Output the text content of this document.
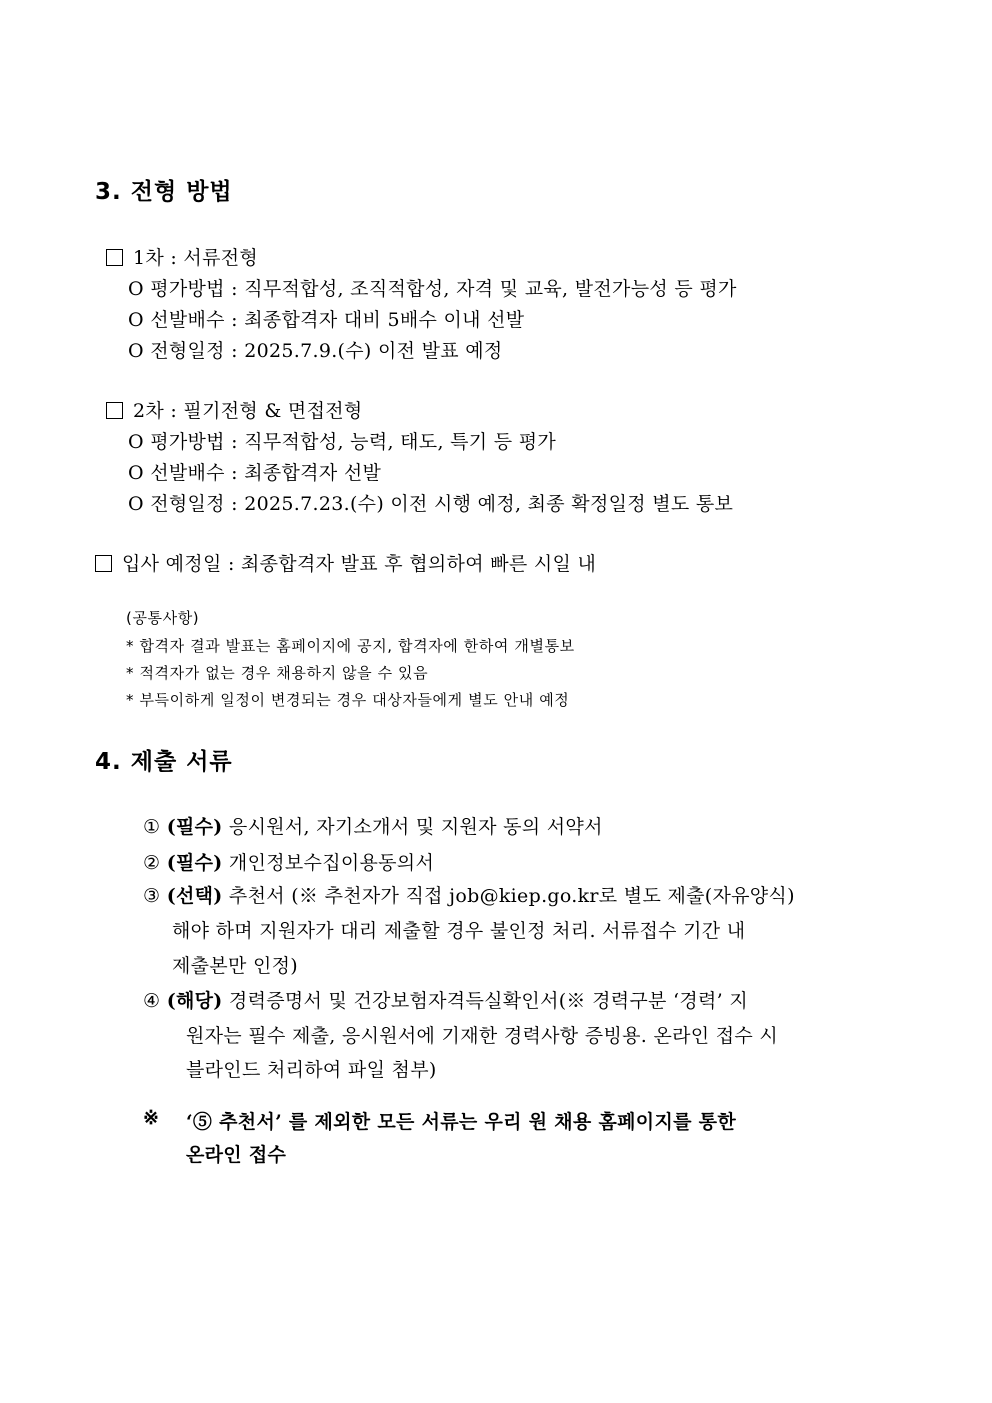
3. 전형 방법
1차 : 서류전형
O 평가방법 : 직무적합성, 조직적합성, 자격 및 교육, 발전가능성 등 평가
O 선발배수 : 최종합격자 대비 5배수 이내 선발
O 전형일정 : 2025.7.9.(수) 이전 발표 예정
2차 : 필기전형 & 면접전형
O 평가방법 : 직무적합성, 능력, 태도, 특기 등 평가
O 선발배수 : 최종합격자 선발
O 전형일정 : 2025.7.23.(수) 이전 시행 예정, 최종 확정일정 별도 통보
입사 예정일 : 최종합격자 발표 후 협의하여 빠른 시일 내
(공통사항)
* 합격자 결과 발표는 홈페이지에 공지, 합격자에 한하여 개별통보
* 적격자가 없는 경우 채용하지 않을 수 있음
* 부득이하게 일정이 변경되는 경우 대상자들에게 별도 안내 예정
4. 제출 서류
① (필수) 응시원서, 자기소개서 및 지원자 동의 서약서
② (필수) 개인정보수집이용동의서
③ (선택) 추천서 (※ 추천자가 직접 job@kiep.go.kr로 별도 제출(자유양식)
해야 하며 지원자가 대리 제출할 경우 불인정 처리. 서류접수 기간 내
제출본만 인정)
④ (해당) 경력증명서 및 건강보험자격득실확인서(※ 경력구분 ‘경력’ 지
원자는 필수 제출, 응시원서에 기재한 경력사항 증빙용. 온라인 접수 시
블라인드 처리하여 파일 첨부)
※ ‘⑤ 추천서’ 를 제외한 모든 서류는 우리 원 채용 홈페이지를 통한
온라인 접수
